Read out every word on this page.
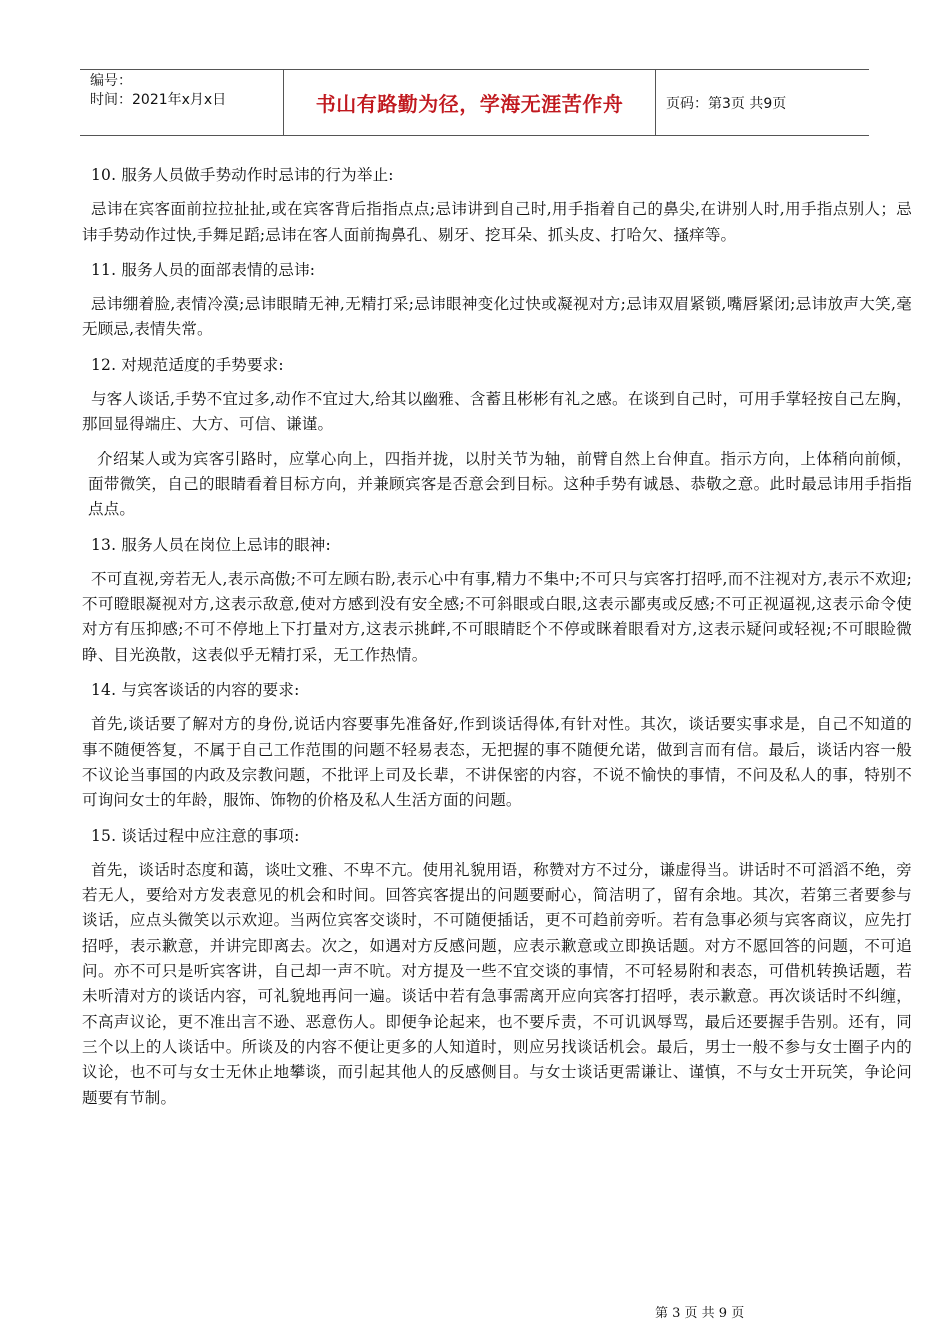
编号：
时间：2021年x月x日	书山有路勤为径，学海无涯苦作舟	页码：第3页 共9页
10. 服务人员做手势动作时忌讳的行为举止:
忌讳在宾客面前拉拉扯扯,或在宾客背后指指点点;忌讳讲到自己时,用手指着自己的鼻尖,在讲别人时,用手指点别人；忌讳手势动作过快,手舞足蹈;忌讳在客人面前掏鼻孔、剔牙、挖耳朵、抓头皮、打哈欠、搔痒等。
11. 服务人员的面部表情的忌讳:
忌讳绷着脸,表情冷漠;忌讳眼睛无神,无精打采;忌讳眼神变化过快或凝视对方;忌讳双眉紧锁,嘴唇紧闭;忌讳放声大笑,毫无顾忌,表情失常。
12. 对规范适度的手势要求:
与客人谈话,手势不宜过多,动作不宜过大,给其以幽雅、含蓄且彬彬有礼之感。在谈到自己时，可用手掌轻按自己左胸，那回显得端庄、大方、可信、谦谨。
介绍某人或为宾客引路时，应掌心向上，四指并拢，以肘关节为轴，前臂自然上台伸直。指示方向，上体稍向前倾，面带微笑，自己的眼睛看着目标方向，并兼顾宾客是否意会到目标。这种手势有诚恳、恭敬之意。此时最忌讳用手指指点点。
13. 服务人员在岗位上忌讳的眼神:
不可直视,旁若无人,表示高傲;不可左顾右盼,表示心中有事,精力不集中;不可只与宾客打招呼,而不注视对方,表示不欢迎;不可瞪眼凝视对方,这表示敌意,使对方感到没有安全感;不可斜眼或白眼,这表示鄙夷或反感;不可正视逼视,这表示命令使对方有压抑感;不可不停地上下打量对方,这表示挑衅,不可眼睛眨个不停或眯着眼看对方,这表示疑问或轻视;不可眼睑微睁、目光涣散，这表似乎无精打采，无工作热情。
14. 与宾客谈话的内容的要求:
首先,谈话要了解对方的身份,说话内容要事先准备好,作到谈话得体,有针对性。其次，谈话要实事求是，自己不知道的事不随便答复，不属于自己工作范围的问题不轻易表态，无把握的事不随便允诺，做到言而有信。最后，谈话内容一般不议论当事国的内政及宗教问题，不批评上司及长辈，不讲保密的内容，不说不愉快的事情，不问及私人的事，特别不可询问女士的年龄，服饰、饰物的价格及私人生活方面的问题。
15. 谈话过程中应注意的事项:
首先，谈话时态度和蔼，谈吐文雅、不卑不亢。使用礼貌用语，称赞对方不过分，谦虚得当。讲话时不可滔滔不绝，旁若无人，要给对方发表意见的机会和时间。回答宾客提出的问题要耐心，简洁明了，留有余地。其次，若第三者要参与谈话，应点头微笑以示欢迎。当两位宾客交谈时，不可随便插话，更不可趋前旁听。若有急事必须与宾客商议，应先打招呼，表示歉意，并讲完即离去。次之，如遇对方反感问题，应表示歉意或立即换话题。对方不愿回答的问题，不可追问。亦不可只是听宾客讲，自己却一声不吭。对方提及一些不宜交谈的事情，不可轻易附和表态，可借机转换话题，若未听清对方的谈话内容，可礼貌地再问一遍。谈话中若有急事需离开应向宾客打招呼，表示歉意。再次谈话时不纠缠，不高声议论，更不准出言不逊、恶意伤人。即便争论起来，也不要斥责，不可讥讽辱骂，最后还要握手告别。还有，同三个以上的人谈话中。所谈及的内容不便让更多的人知道时，则应另找谈话机会。最后，男士一般不参与女士圈子内的议论，也不可与女士无休止地攀谈，而引起其他人的反感侧目。与女士谈话更需谦让、谨慎，不与女士开玩笑，争论问题要有节制。
第 3 页 共 9 页
